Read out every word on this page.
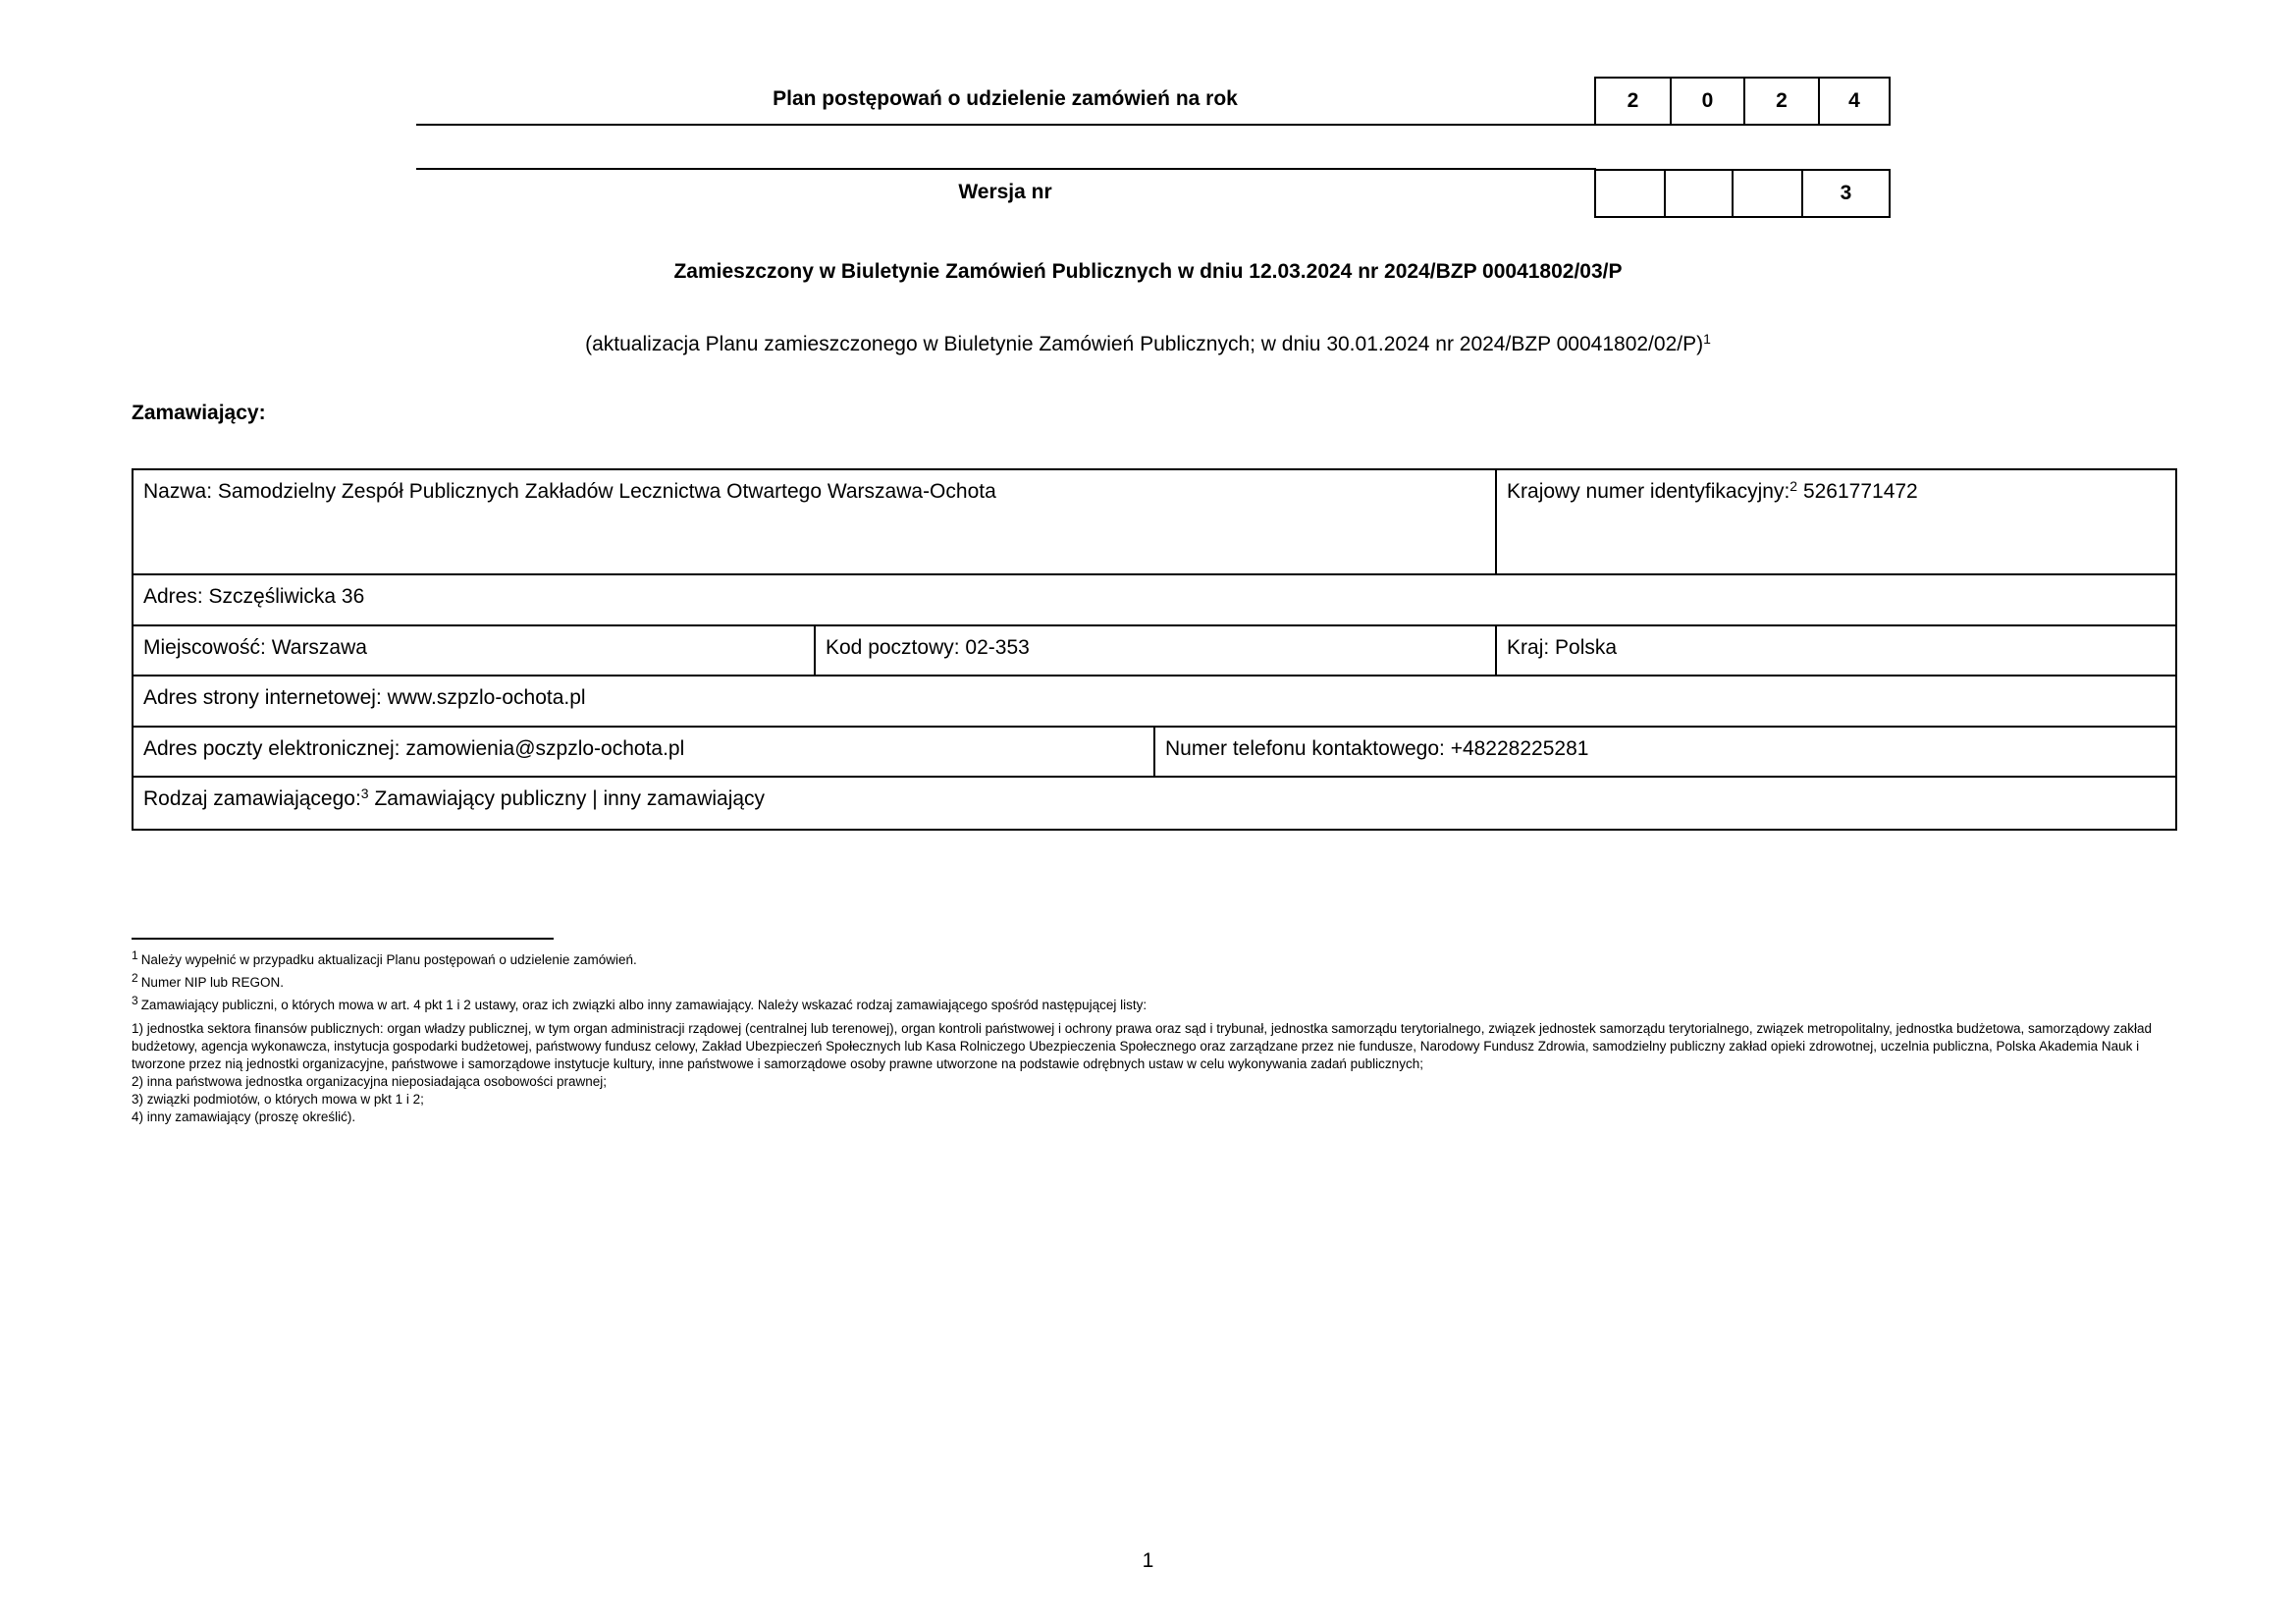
Plan postępowań o udzielenie zamówień na rok	2	0	2	4
Wersja nr	3
Zamieszczony w Biuletynie Zamówień Publicznych w dniu 12.03.2024 nr 2024/BZP 00041802/03/P
(aktualizacja Planu zamieszczonego w Biuletynie Zamówień Publicznych; w dniu 30.01.2024 nr 2024/BZP 00041802/02/P)$^1$
Zamawiający:
Nazwa: Samodzielny Zespół Publicznych Zakładów Lecznictwa Otwartego Warszawa-Ochota			Krajowy numer identyfikacyjny:$^2$ 5261771472
Adres: Szczęśliwicka 36			
Miejscowość: Warszawa	Kod pocztowy: 02-353		Kraj: Polska
Adres strony internetowej: www.szpzlo-ochota.pl			
Adres poczty elektronicznej: zamowienia@szpzlo-ochota.pl		Numer telefonu kontaktowego: +48228225281	
Rodzaj zamawiającego:$^3$ Zamawiający publiczny | inny zamawiający			

1 Należy wypełnić w przypadku aktualizacji Planu postępowań o udzielenie zamówień.

2 Numer NIP lub REGON.

3 Zamawiający publiczni, o których mowa w art. 4 pkt 1 i 2 ustawy, oraz ich związki albo inny zamawiający. Należy wskazać rodzaj zamawiającego spośród następującej listy:

1) jednostka sektora finansów publicznych: organ władzy publicznej, w tym organ administracji rządowej (centralnej lub terenowej), organ kontroli państwowej i ochrony prawa oraz sąd i trybunał, jednostka samorządu terytorialnego, związek jednostek samorządu terytorialnego, związek metropolitalny, jednostka budżetowa, samorządowy zakład budżetowy, agencja wykonawcza, instytucja gospodarki budżetowej, państwowy fundusz celowy, Zakład Ubezpieczeń Społecznych lub Kasa Rolniczego Ubezpieczenia Społecznego oraz zarządzane przez nie fundusze, Narodowy Fundusz Zdrowia, samodzielny publiczny zakład opieki zdrowotnej, uczelnia publiczna, Polska Akademia Nauk i tworzone przez nią jednostki organizacyjne, państwowe i samorządowe instytucje kultury, inne państwowe i samorządowe osoby prawne utworzone na podstawie odrębnych ustaw w celu wykonywania zadań publicznych;
2) inna państwowa jednostka organizacyjna nieposiadająca osobowości prawnej;
3) związki podmiotów, o których mowa w pkt 1 i 2;
4) inny zamawiający (proszę określić).
1
